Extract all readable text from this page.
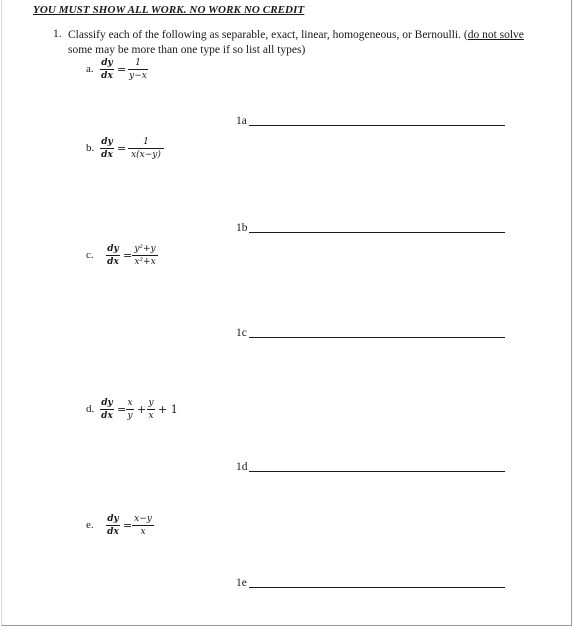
YOU MUST SHOW ALL WORK. NO WORK NO CREDIT
1. Classify each of the following as separable, exact, linear, homogeneous, or Bernoulli. (do not solve some may be more than one type if so list all types)
a. dy
dx = 1
y−x
1a
b. dy
dx =	1
x(x−y)
1b
c. dy
dx = y²+y
x²+x
1c
d. dy
dx = x
y + y
x + 1
1d
e. dy
dx = x−y
x
1e
